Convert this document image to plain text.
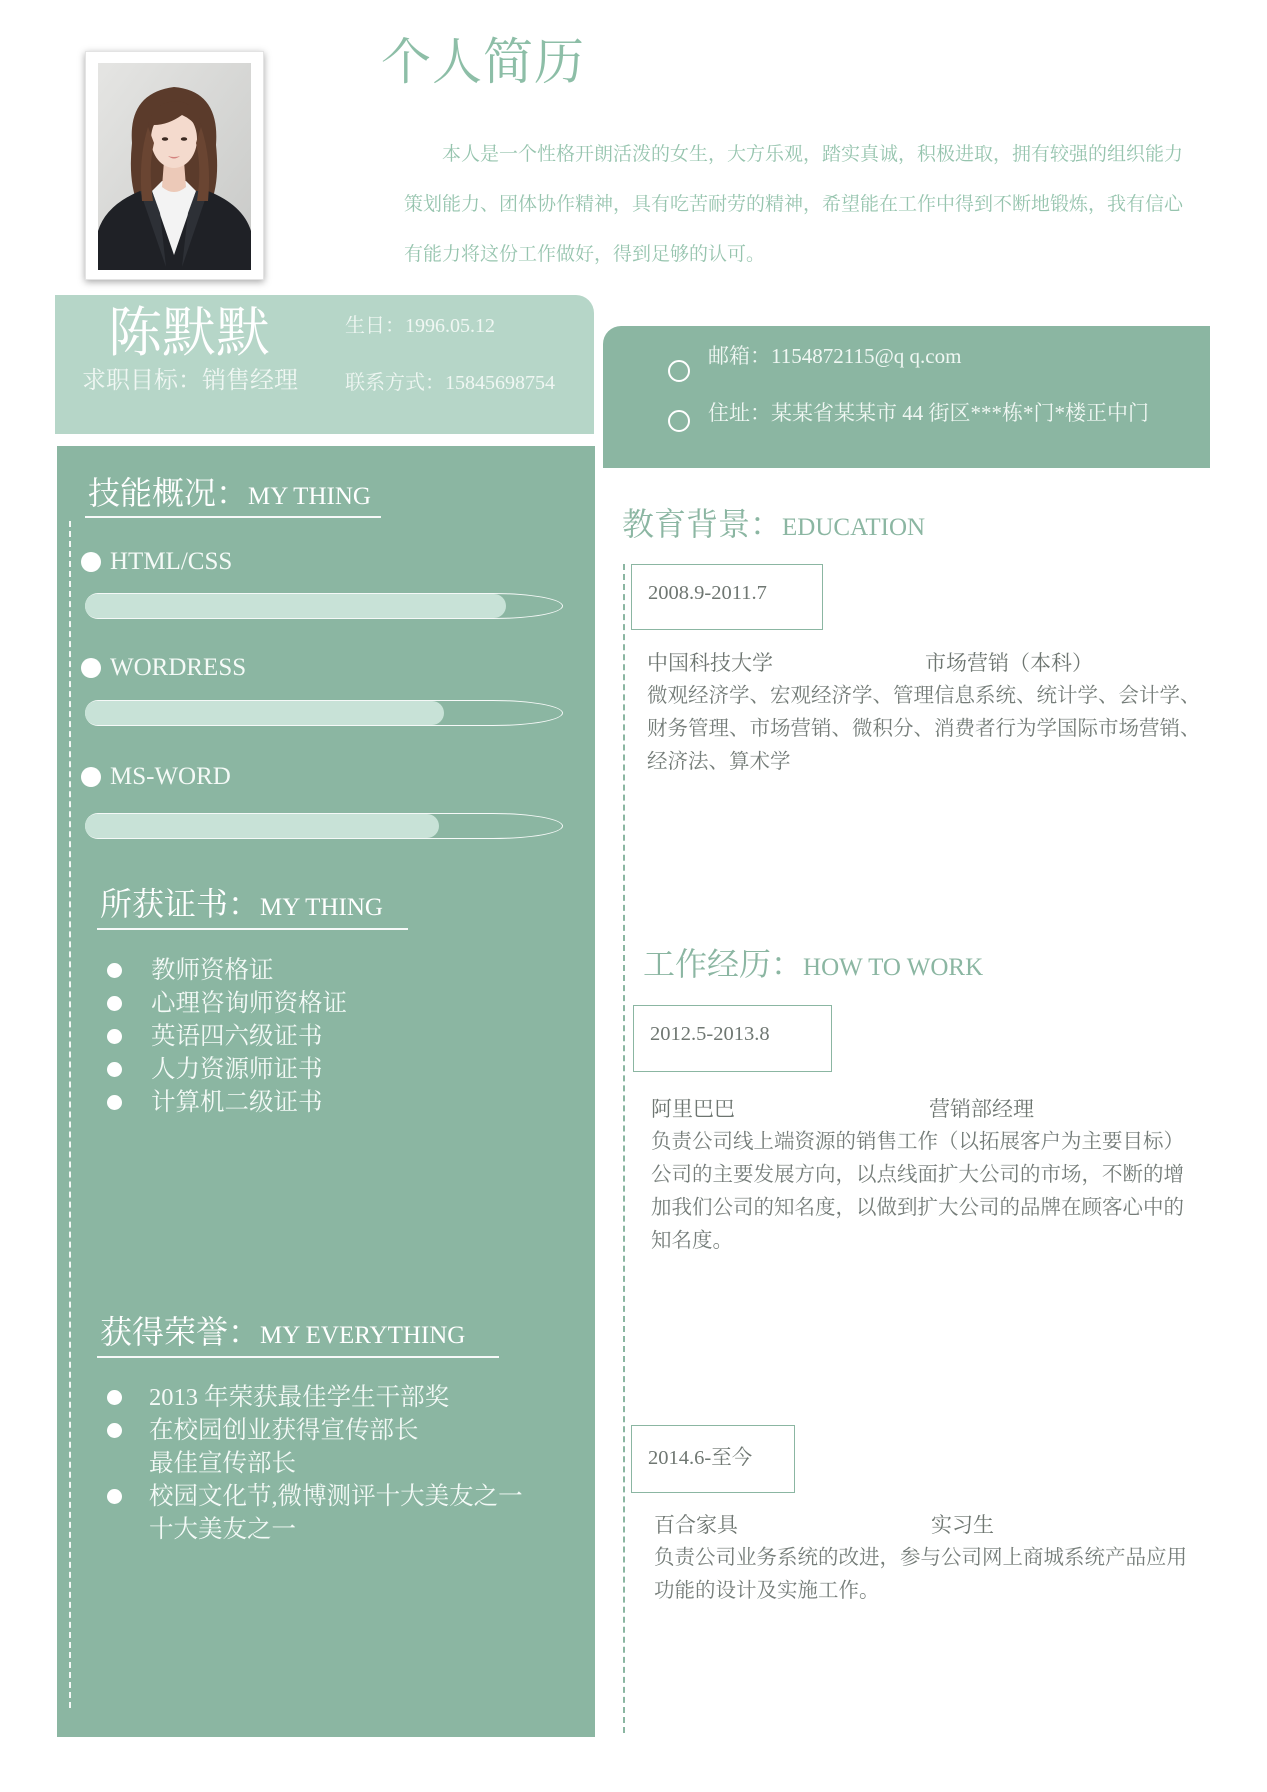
个人简历

本人是一个性格开朗活泼的女生，大方乐观，踏实真诚，积极进取，拥有较强的组织能力策划能力、团体协作精神，具有吃苦耐劳的精神，希望能在工作中得到不断地锻炼，我有信心有能力将这份工作做好，得到足够的认可。

陈默默
求职目标：销售经理
生日：1996.05.12
联系方式：15845698754
邮箱：1154872115@q q.com
住址：某某省某某市 44 街区***栋*门*楼正中门
技能概况：MY THING
HTML/CSS
WORDRESS
MS-WORD
所获证书：MY THING
教师资格证
心理咨询师资格证
英语四六级证书
人力资源师证书
计算机二级证书
获得荣誉：MY EVERYTHING
2013 年荣获最佳学生干部奖
在校园创业获得宣传部长
最佳宣传部长
校园文化节,微博测评十大美友之一
十大美友之一
教育背景：EDUCATION
2008.9-2011.7
中国科技大学	市场营销（本科）

微观经济学、宏观经济学、管理信息系统、统计学、会计学、财务管理、市场营销、微积分、消费者行为学国际市场营销、经济法、算术学

工作经历：HOW TO WORK
2012.5-2013.8
阿里巴巴	营销部经理

负责公司线上端资源的销售工作（以拓展客户为主要目标）公司的主要发展方向，以点线面扩大公司的市场，不断的增加我们公司的知名度，以做到扩大公司的品牌在顾客心中的知名度。

2014.6-至今
百合家具	实习生

负责公司业务系统的改进，参与公司网上商城系统产品应用功能的设计及实施工作。
